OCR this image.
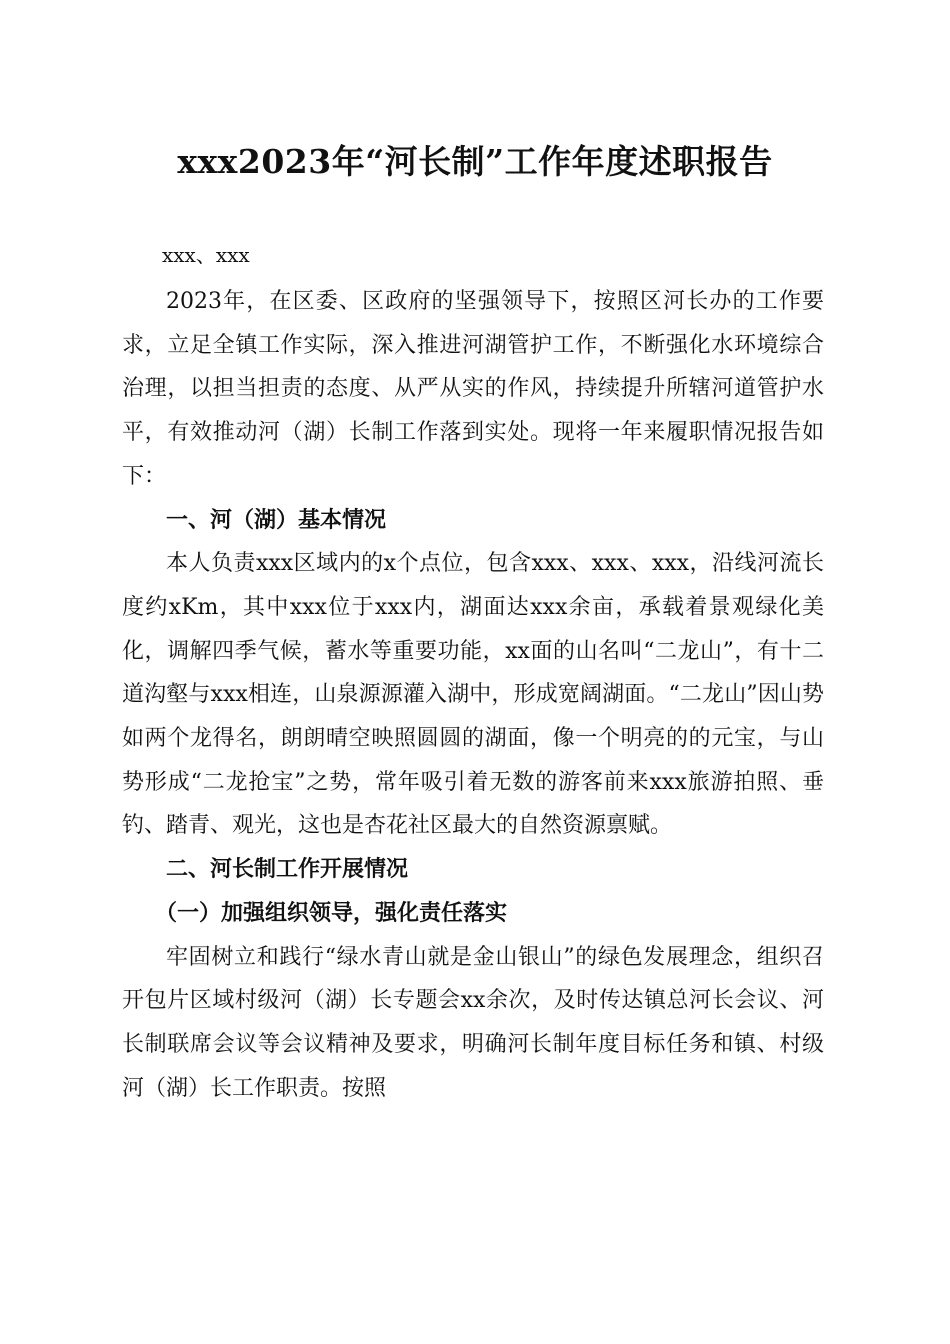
xxx2023年“河长制”工作年度述职报告

xxx、xxx

2023年，在区委、区政府的坚强领导下，按照区河长办的工作要求，立足全镇工作实际，深入推进河湖管护工作，不断强化水环境综合治理，以担当担责的态度、从严从实的作风，持续提升所辖河道管护水平，有效推动河（湖）长制工作落到实处。现将一年来履职情况报告如下：

一、河（湖）基本情况

本人负责xxx区域内的x个点位，包含xxx、xxx、xxx，沿线河流长度约xKm，其中xxx位于xxx内，湖面达xxx余亩，承载着景观绿化美化，调解四季气候，蓄水等重要功能，xx面的山名叫“二龙山”，有十二道沟壑与xxx相连，山泉源源灌入湖中，形成宽阔湖面。“二龙山”因山势如两个龙得名，朗朗晴空映照圆圆的湖面，像一个明亮的的元宝，与山势形成“二龙抢宝”之势，常年吸引着无数的游客前来xxx旅游拍照、垂钓、踏青、观光，这也是杏花社区最大的自然资源禀赋。

二、河长制工作开展情况
（一）加强组织领导，强化责任落实

牢固树立和践行“绿水青山就是金山银山”的绿色发展理念，组织召开包片区域村级河（湖）长专题会xx余次，及时传达镇总河长会议、河长制联席会议等会议精神及要求，明确河长制年度目标任务和镇、村级河（湖）长工作职责。按照
